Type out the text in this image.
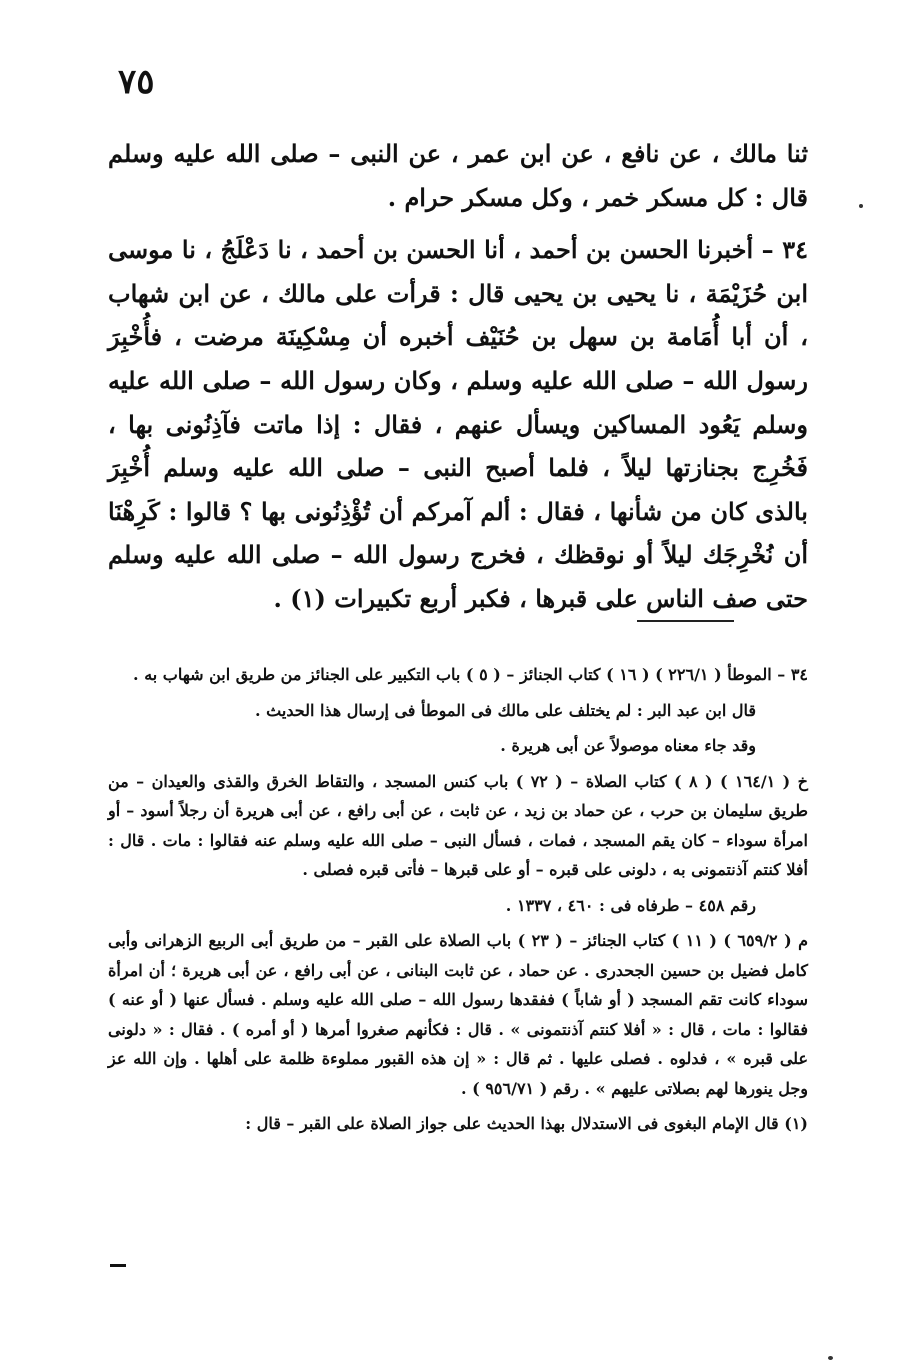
٧٥

ثنا مالك ، عن نافع ، عن ابن عمر ، عن النبى – صلى الله عليه وسلم قال : كل مسكر خمر ، وكل مسكر حرام .

٣٤ – أخبرنا الحسن بن أحمد ، أنا الحسن بن أحمد ، نا دَعْلَجُ ، نا موسى ابن حُزَيْمَة ، نا يحيى بن يحيى قال : قرأت على مالك ، عن ابن شهاب ، أن أبا أُمَامة بن سهل بن حُنَيْف أخبره أن مِسْكِينَة مرضت ، فأُخْبِرَ رسول الله – صلى الله عليه وسلم ، وكان رسول الله – صلى الله عليه وسلم يَعُود المساكين ويسأل عنهم ، فقال : إذا ماتت فآذِنُونى بها ، فَخُرِج بجنازتها ليلاً ، فلما أصبح النبى – صلى الله عليه وسلم أُخْبِرَ بالذى كان من شأنها ، فقال : ألم آمركم أن تُؤْذِنُونى بها ؟ قالوا : كَرِهْنَا أن نُخْرِجَك ليلاً أو نوقظك ، فخرج رسول الله – صلى الله عليه وسلم حتى صف الناس على قبرها ، فكبر أربع تكبيرات (١) .

٣٤ – الموطأ ( ٢٢٦/١ ) ( ١٦ ) كتاب الجنائز – ( ٥ ) باب التكبير على الجنائز من طريق ابن شهاب به .

قال ابن عبد البر : لم يختلف على مالك فى الموطأ فى إرسال هذا الحديث .

وقد جاء معناه موصولاً عن أبى هريرة .

خ ( ١٦٤/١ ) ( ٨ ) كتاب الصلاة – ( ٧٢ ) باب كنس المسجد ، والتقاط الخرق والقذى والعيدان – من طريق سليمان بن حرب ، عن حماد بن زيد ، عن ثابت ، عن أبى رافع ، عن أبى هريرة أن رجلاً أسود – أو امرأة سوداء – كان يقم المسجد ، فمات ، فسأل النبى – صلى الله عليه وسلم عنه فقالوا : مات . قال : أفلا كنتم آذنتمونى به ، دلونى على قبره – أو على قبرها – فأتى قبره فصلى .

رقم ٤٥٨ – طرفاه فى : ٤٦٠ ، ١٣٣٧ .

م ( ٦٥٩/٢ ) ( ١١ ) كتاب الجنائز – ( ٢٣ ) باب الصلاة على القبر – من طريق أبى الربيع الزهرانى وأبى كامل فضيل بن حسين الجحدرى . عن حماد ، عن ثابت البنانى ، عن أبى رافع ، عن أبى هريرة ؛ أن امرأة سوداء كانت تقم المسجد ( أو شاباً ) ففقدها رسول الله – صلى الله عليه وسلم . فسأل عنها ( أو عنه ) فقالوا : مات ، قال : « أفلا كنتم آذنتمونى » . قال : فكأنهم صغروا أمرها ( أو أمره ) . فقال : « دلونى على قبره » ، فدلوه . فصلى عليها . ثم قال : « إن هذه القبور مملوءة ظلمة على أهلها . وإن الله عز وجل ينورها لهم بصلاتى عليهم » . رقم ( ٩٥٦/٧١ ) .

(١) قال الإمام البغوى فى الاستدلال بهذا الحديث على جواز الصلاة على القبر – قال :
